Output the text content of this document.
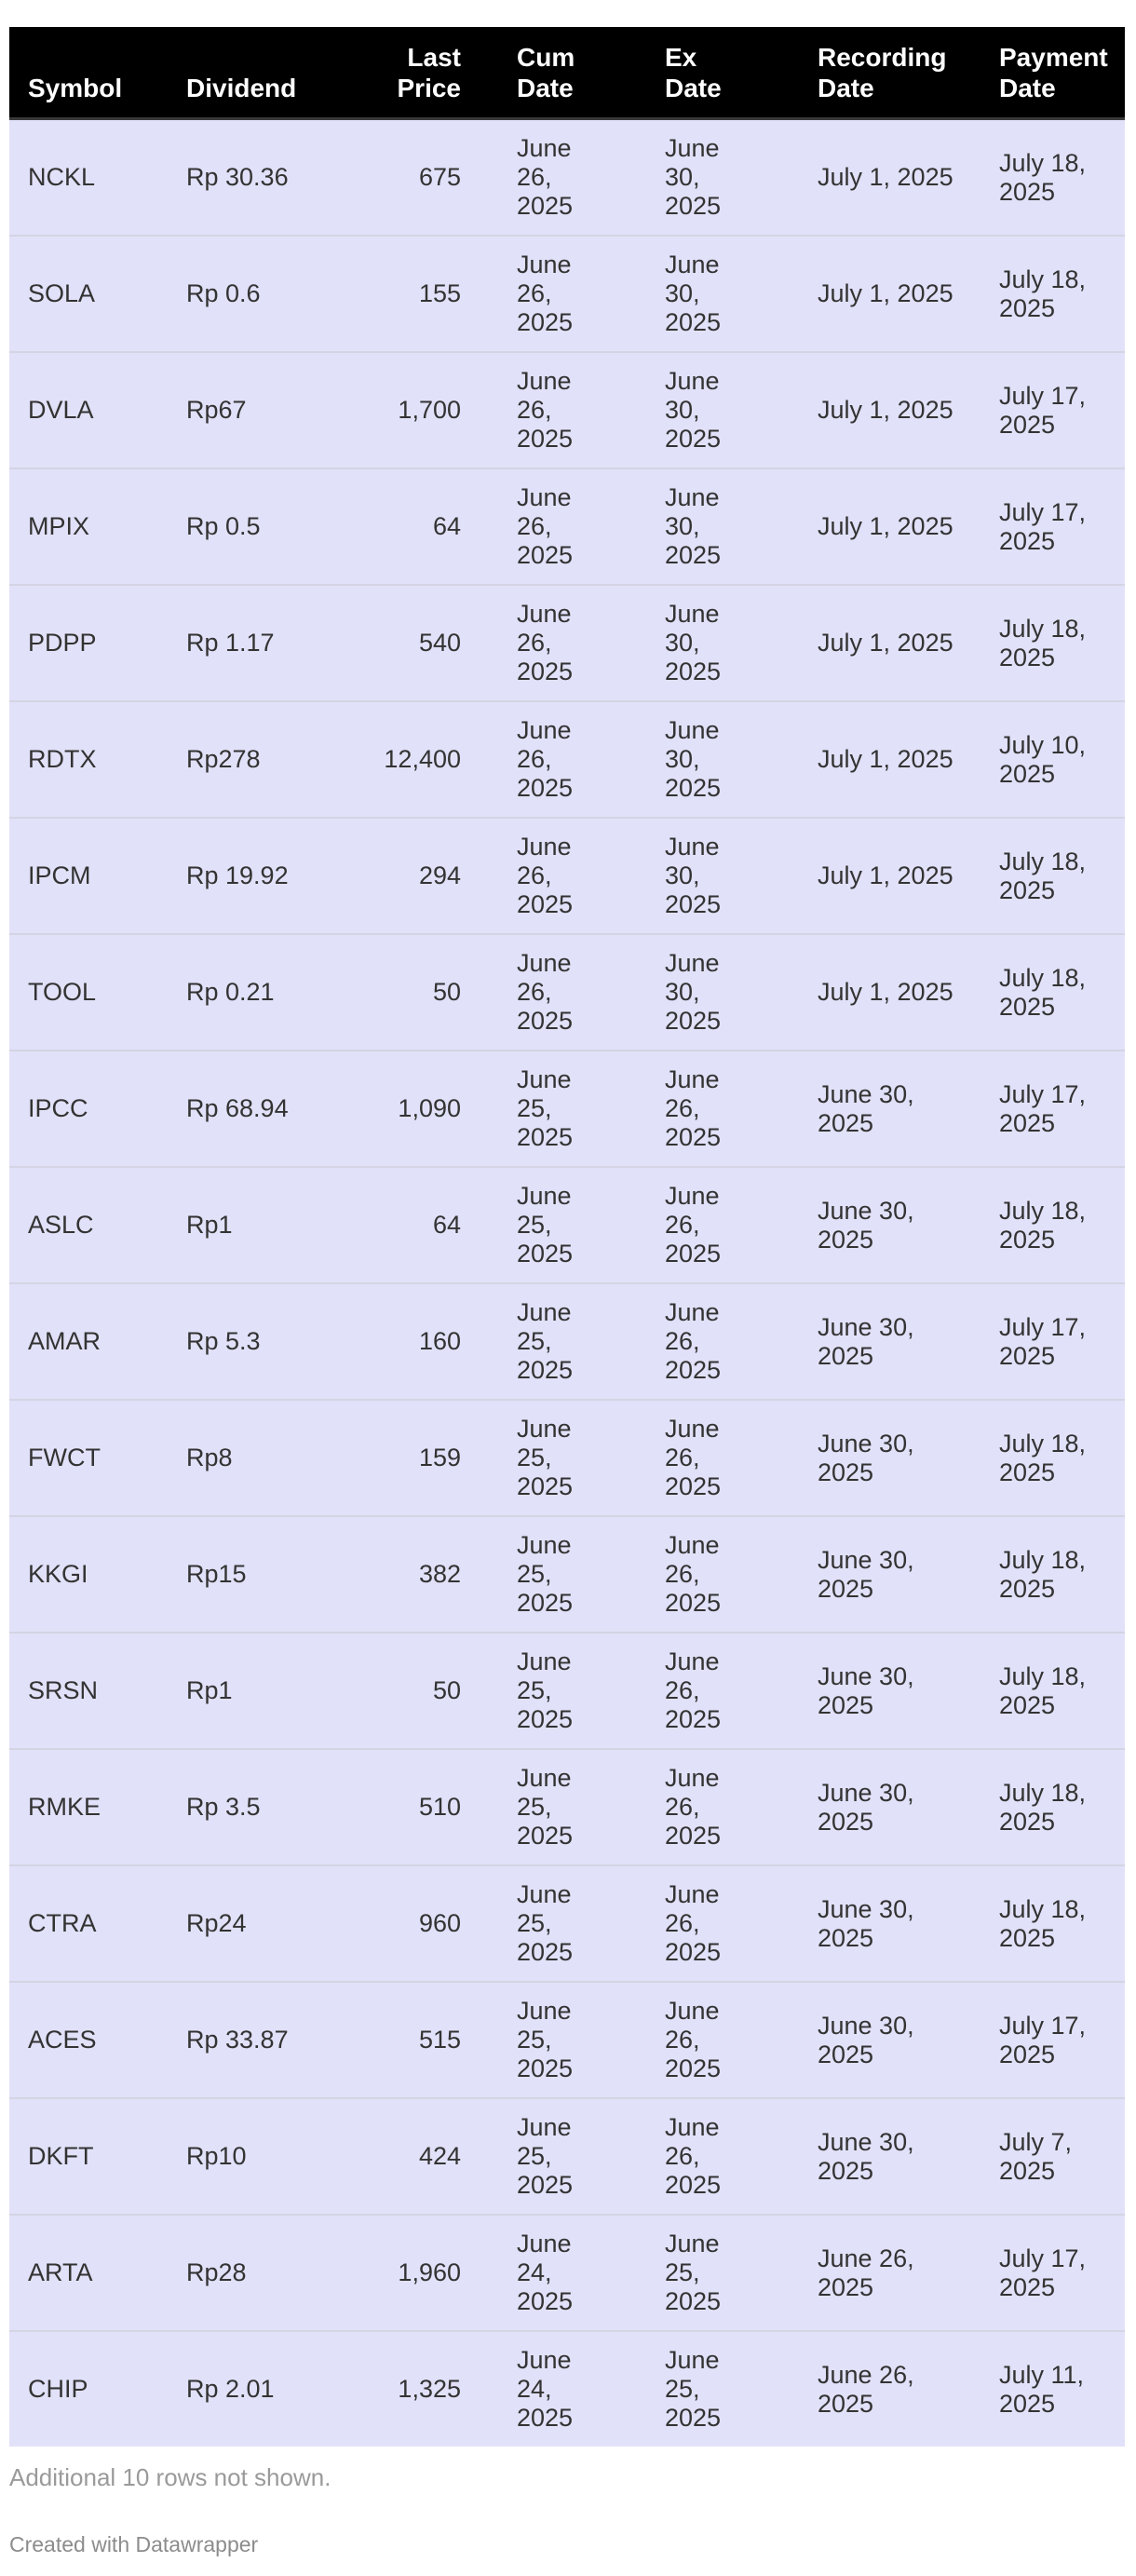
Symbol	Dividend	Last Price	Cum Date	Ex Date	Recording Date	Payment Date
NCKL	Rp 30.36	675	June 26, 2025	June 30, 2025	July 1, 2025	July 18, 2025
SOLA	Rp 0.6	155	June 26, 2025	June 30, 2025	July 1, 2025	July 18, 2025
DVLA	Rp67	1,700	June 26, 2025	June 30, 2025	July 1, 2025	July 17, 2025
MPIX	Rp 0.5	64	June 26, 2025	June 30, 2025	July 1, 2025	July 17, 2025
PDPP	Rp 1.17	540	June 26, 2025	June 30, 2025	July 1, 2025	July 18, 2025
RDTX	Rp278	12,400	June 26, 2025	June 30, 2025	July 1, 2025	July 10, 2025
IPCM	Rp 19.92	294	June 26, 2025	June 30, 2025	July 1, 2025	July 18, 2025
TOOL	Rp 0.21	50	June 26, 2025	June 30, 2025	July 1, 2025	July 18, 2025
IPCC	Rp 68.94	1,090	June 25, 2025	June 26, 2025	June 30, 2025	July 17, 2025
ASLC	Rp1	64	June 25, 2025	June 26, 2025	June 30, 2025	July 18, 2025
AMAR	Rp 5.3	160	June 25, 2025	June 26, 2025	June 30, 2025	July 17, 2025
FWCT	Rp8	159	June 25, 2025	June 26, 2025	June 30, 2025	July 18, 2025
KKGI	Rp15	382	June 25, 2025	June 26, 2025	June 30, 2025	July 18, 2025
SRSN	Rp1	50	June 25, 2025	June 26, 2025	June 30, 2025	July 18, 2025
RMKE	Rp 3.5	510	June 25, 2025	June 26, 2025	June 30, 2025	July 18, 2025
CTRA	Rp24	960	June 25, 2025	June 26, 2025	June 30, 2025	July 18, 2025
ACES	Rp 33.87	515	June 25, 2025	June 26, 2025	June 30, 2025	July 17, 2025
DKFT	Rp10	424	June 25, 2025	June 26, 2025	June 30, 2025	July 7, 2025
ARTA	Rp28	1,960	June 24, 2025	June 25, 2025	June 26, 2025	July 17, 2025
CHIP	Rp 2.01	1,325	June 24, 2025	June 25, 2025	June 26, 2025	July 11, 2025

Additional 10 rows not shown.

Created with Datawrapper
